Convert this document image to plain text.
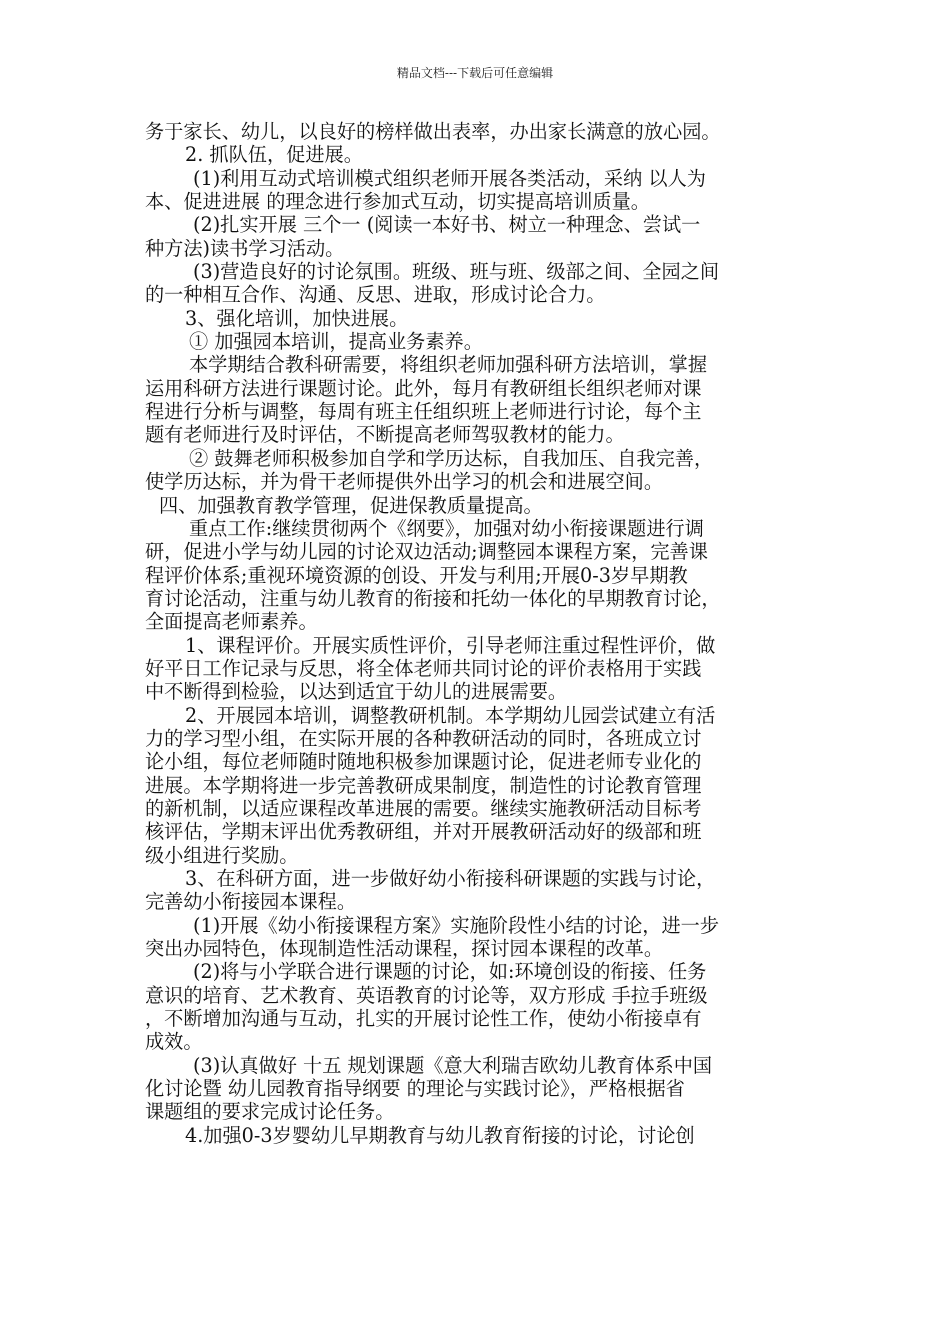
精品文档---下载后可任意编辑
务于家长、幼儿，以良好的榜样做出表率，办出家长满意的放心园。
2. 抓队伍，促进展。
(1)利用互动式培训模式组织老师开展各类活动，采纳 以人为
本、促进进展 的理念进行参加式互动，切实提高培训质量。
(2)扎实开展 三个一 (阅读一本好书、树立一种理念、尝试一
种方法)读书学习活动。
(3)营造良好的讨论氛围。班级、班与班、级部之间、全园之间
的一种相互合作、沟通、反思、进取，形成讨论合力。
3、强化培训，加快进展。
① 加强园本培训，提高业务素养。
本学期结合教科研需要，将组织老师加强科研方法培训，掌握
运用科研方法进行课题讨论。此外，每月有教研组长组织老师对课
程进行分析与调整，每周有班主任组织班上老师进行讨论，每个主
题有老师进行及时评估，不断提高老师驾驭教材的能力。
② 鼓舞老师积极参加自学和学历达标，自我加压、自我完善，
使学历达标，并为骨干老师提供外出学习的机会和进展空间。
四、加强教育教学管理，促进保教质量提高。
重点工作:继续贯彻两个《纲要》，加强对幼小衔接课题进行调
研，促进小学与幼儿园的讨论双边活动;调整园本课程方案，完善课
程评价体系;重视环境资源的创设、开发与利用;开展0-3岁早期教
育讨论活动，注重与幼儿教育的衔接和托幼一体化的早期教育讨论，
全面提高老师素养。
1、课程评价。开展实质性评价，引导老师注重过程性评价，做
好平日工作记录与反思，将全体老师共同讨论的评价表格用于实践
中不断得到检验，以达到适宜于幼儿的进展需要。
2、开展园本培训，调整教研机制。本学期幼儿园尝试建立有活
力的学习型小组，在实际开展的各种教研活动的同时，各班成立讨
论小组，每位老师随时随地积极参加课题讨论，促进老师专业化的
进展。本学期将进一步完善教研成果制度，制造性的讨论教育管理
的新机制，以适应课程改革进展的需要。继续实施教研活动目标考
核评估，学期末评出优秀教研组，并对开展教研活动好的级部和班
级小组进行奖励。
3、在科研方面，进一步做好幼小衔接科研课题的实践与讨论，
完善幼小衔接园本课程。
(1)开展《幼小衔接课程方案》实施阶段性小结的讨论，进一步
突出办园特色，体现制造性活动课程，探讨园本课程的改革。
(2)将与小学联合进行课题的讨论，如:环境创设的衔接、任务
意识的培育、艺术教育、英语教育的讨论等，双方形成 手拉手班级
，不断增加沟通与互动，扎实的开展讨论性工作，使幼小衔接卓有
成效。
(3)认真做好 十五 规划课题《意大利瑞吉欧幼儿教育体系中国
化讨论暨 幼儿园教育指导纲要 的理论与实践讨论》，严格根据省
课题组的要求完成讨论任务。
4.加强0-3岁婴幼儿早期教育与幼儿教育衔接的讨论，讨论创
